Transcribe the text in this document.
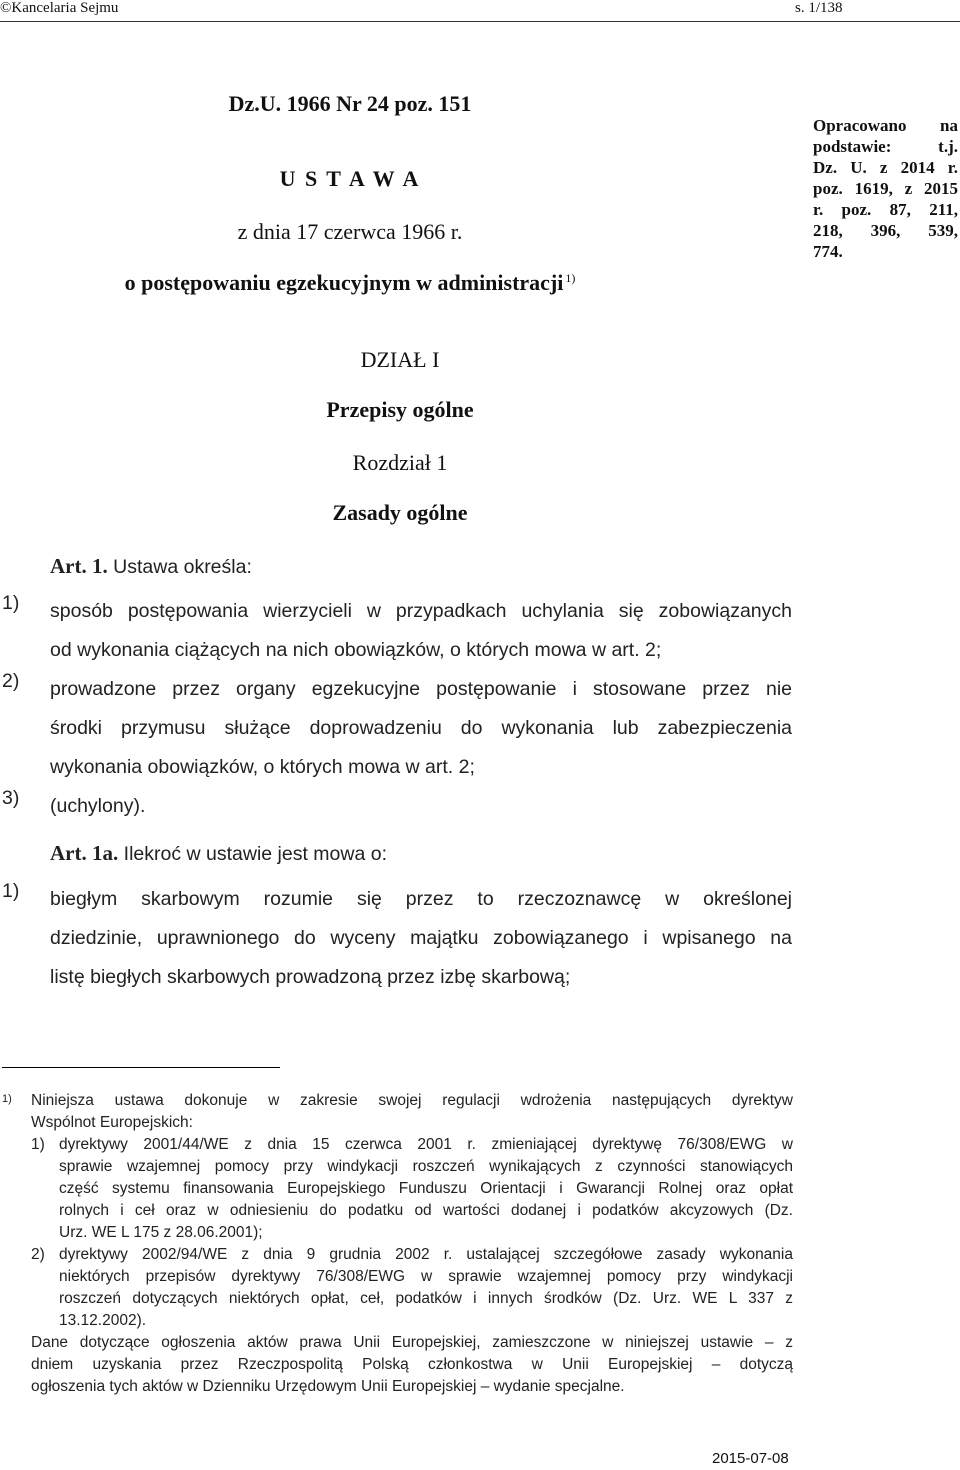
©Kancelaria Sejmu	s. 1/138
Dz.U. 1966 Nr 24 poz. 151
U S T A W A
z dnia 17 czerwca 1966 r.
o postępowaniu egzekucyjnym w administracji $^{1)}$
Opracowano na
podstawie: t.j.
Dz. U. z 2014 r.
poz. 1619, z 2015
r. poz. 87, 211,
218, 396, 539,
774.
DZIAŁ I
Przepisy ogólne
Rozdział 1
Zasady ogólne
Art. 1. Ustawa określa:
1) sposób postępowania wierzycieli w przypadkach uchylania się zobowiązanych
od wykonania ciążących na nich obowiązków, o których mowa w art. 2;
2) prowadzone przez organy egzekucyjne postępowanie i stosowane przez nie
środki przymusu służące doprowadzeniu do wykonania lub zabezpieczenia
wykonania obowiązków, o których mowa w art. 2;
3) (uchylony).
Art. 1a. Ilekroć w ustawie jest mowa o:
1) biegłym skarbowym rozumie się przez to rzeczoznawcę w określonej
dziedzinie, uprawnionego do wyceny majątku zobowiązanego i wpisanego na
listę biegłych skarbowych prowadzoną przez izbę skarbową;
1) Niniejsza ustawa dokonuje w zakresie swojej regulacji wdrożenia następujących dyrektyw
Wspólnot Europejskich:
1) dyrektywy 2001/44/WE z dnia 15 czerwca 2001 r. zmieniającej dyrektywę 76/308/EWG w
sprawie wzajemnej pomocy przy windykacji roszczeń wynikających z czynności stanowiących
część systemu finansowania Europejskiego Funduszu Orientacji i Gwarancji Rolnej oraz opłat
rolnych i ceł oraz w odniesieniu do podatku od wartości dodanej i podatków akcyzowych (Dz.
Urz. WE L 175 z 28.06.2001);
2) dyrektywy 2002/94/WE z dnia 9 grudnia 2002 r. ustalającej szczegółowe zasady wykonania
niektórych przepisów dyrektywy 76/308/EWG w sprawie wzajemnej pomocy przy windykacji
roszczeń dotyczących niektórych opłat, ceł, podatków i innych środków (Dz. Urz. WE L 337 z
13.12.2002).
Dane dotyczące ogłoszenia aktów prawa Unii Europejskiej, zamieszczone w niniejszej ustawie – z
dniem uzyskania przez Rzeczpospolitą Polską członkostwa w Unii Europejskiej – dotyczą
ogłoszenia tych aktów w Dzienniku Urzędowym Unii Europejskiej – wydanie specjalne.
2015-07-08
